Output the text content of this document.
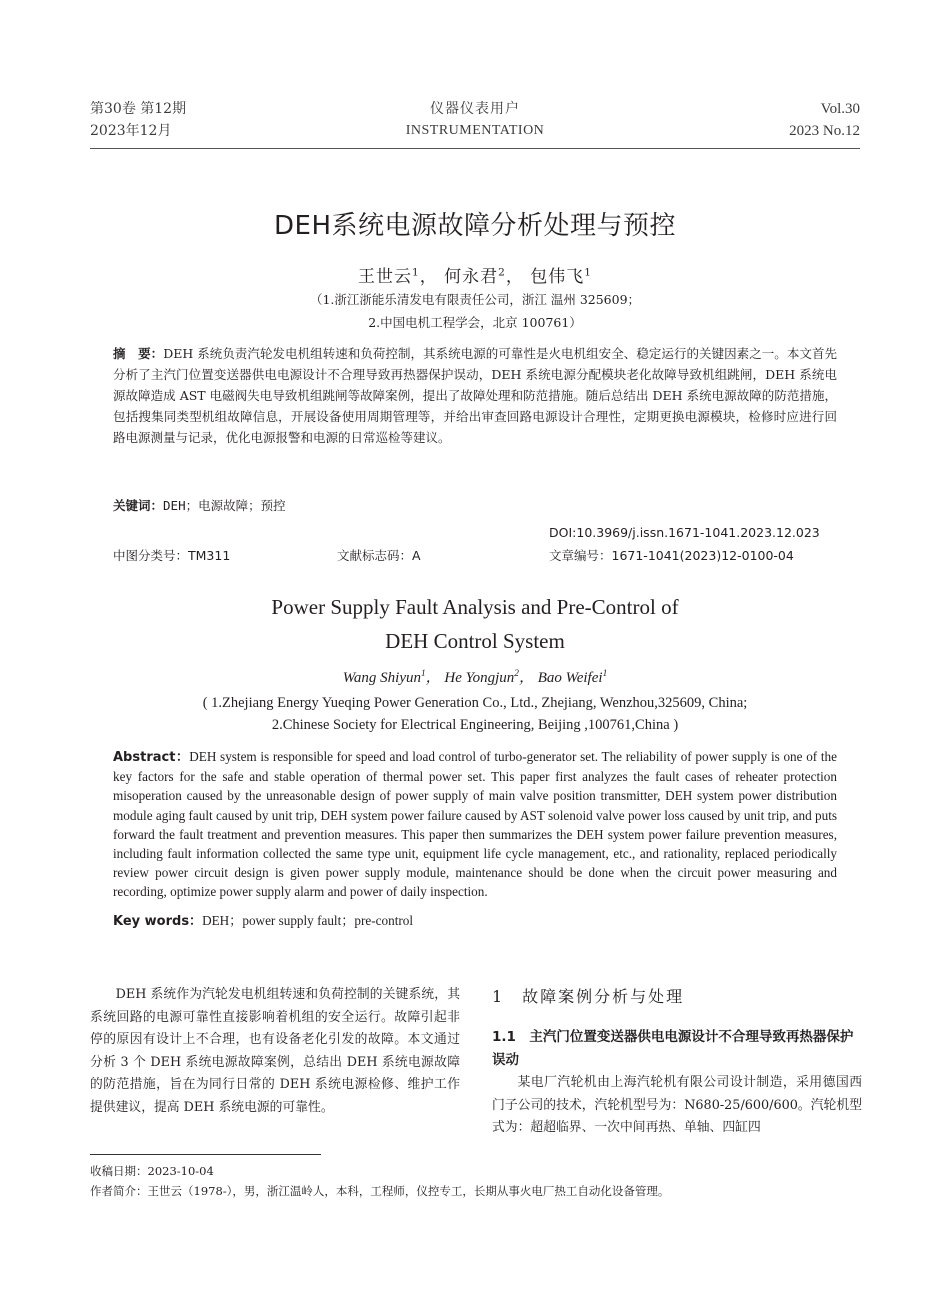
第30卷 第12期
2023年12月
仪器仪表用户
INSTRUMENTATION
Vol.30
2023 No.12
DEH系统电源故障分析处理与预控
王世云$^1$， 何永君$^2$， 包伟飞$^1$
（1.浙江浙能乐清发电有限责任公司，浙江 温州 325609；
2.中国电机工程学会，北京 100761）
摘　要：DEH 系统负责汽轮发电机组转速和负荷控制，其系统电源的可靠性是火电机组安全、稳定运行的关键因素之一。本文首先分析了主汽门位置变送器供电电源设计不合理导致再热器保护误动，DEH 系统电源分配模块老化故障导致机组跳闸，DEH 系统电源故障造成 AST 电磁阀失电导致机组跳闸等故障案例，提出了故障处理和防范措施。随后总结出 DEH 系统电源故障的防范措施，包括搜集同类型机组故障信息，开展设备使用周期管理等，并给出审查回路电源设计合理性，定期更换电源模块，检修时应进行回路电源测量与记录，优化电源报警和电源的日常巡检等建议。
关键词：DEH；电源故障；预控
DOI:10.3969/j.issn.1671-1041.2023.12.023
中图分类号：TM311	文献标志码：A	文章编号：1671-1041(2023)12-0100-04
Power Supply Fault Analysis and Pre-Control of
DEH Control System
Wang Shiyun$^1$， He Yongjun$^2$， Bao Weifei$^1$
( 1.Zhejiang Energy Yueqing Power Generation Co., Ltd., Zhejiang, Wenzhou,325609, China;
2.Chinese Society for Electrical Engineering, Beijing ,100761,China )
Abstract：DEH system is responsible for speed and load control of turbo-generator set. The reliability of power supply is one of the key factors for the safe and stable operation of thermal power set. This paper first analyzes the fault cases of reheater protection misoperation caused by the unreasonable design of power supply of main valve position transmitter, DEH system power distribution module aging fault caused by unit trip, DEH system power failure caused by AST solenoid valve power loss caused by unit trip, and puts forward the fault treatment and prevention measures. This paper then summarizes the DEH system power failure prevention measures, including fault information collected the same type unit, equipment life cycle management, etc., and rationality, replaced periodically review power circuit design is given power supply module, maintenance should be done when the circuit power measuring and recording, optimize power supply alarm and power of daily inspection.
Key words：DEH；power supply fault；pre-control

DEH 系统作为汽轮发电机组转速和负荷控制的关键系统，其系统回路的电源可靠性直接影响着机组的安全运行。故障引起非停的原因有设计上不合理，也有设备老化引发的故障。本文通过分析 3 个 DEH 系统电源故障案例，总结出 DEH 系统电源故障的防范措施，旨在为同行日常的 DEH 系统电源检修、维护工作提供建议，提高 DEH 系统电源的可靠性。

1　故障案例分析与处理
1.1　主汽门位置变送器供电电源设计不合理导致再热器保护误动

某电厂汽轮机由上海汽轮机有限公司设计制造，采用德国西门子公司的技术，汽轮机型号为：N680-25/600/600。汽轮机型式为：超超临界、一次中间再热、单轴、四缸四

收稿日期：2023-10-04
作者简介：王世云（1978-），男，浙江温岭人，本科，工程师，仪控专工，长期从事火电厂热工自动化设备管理。
